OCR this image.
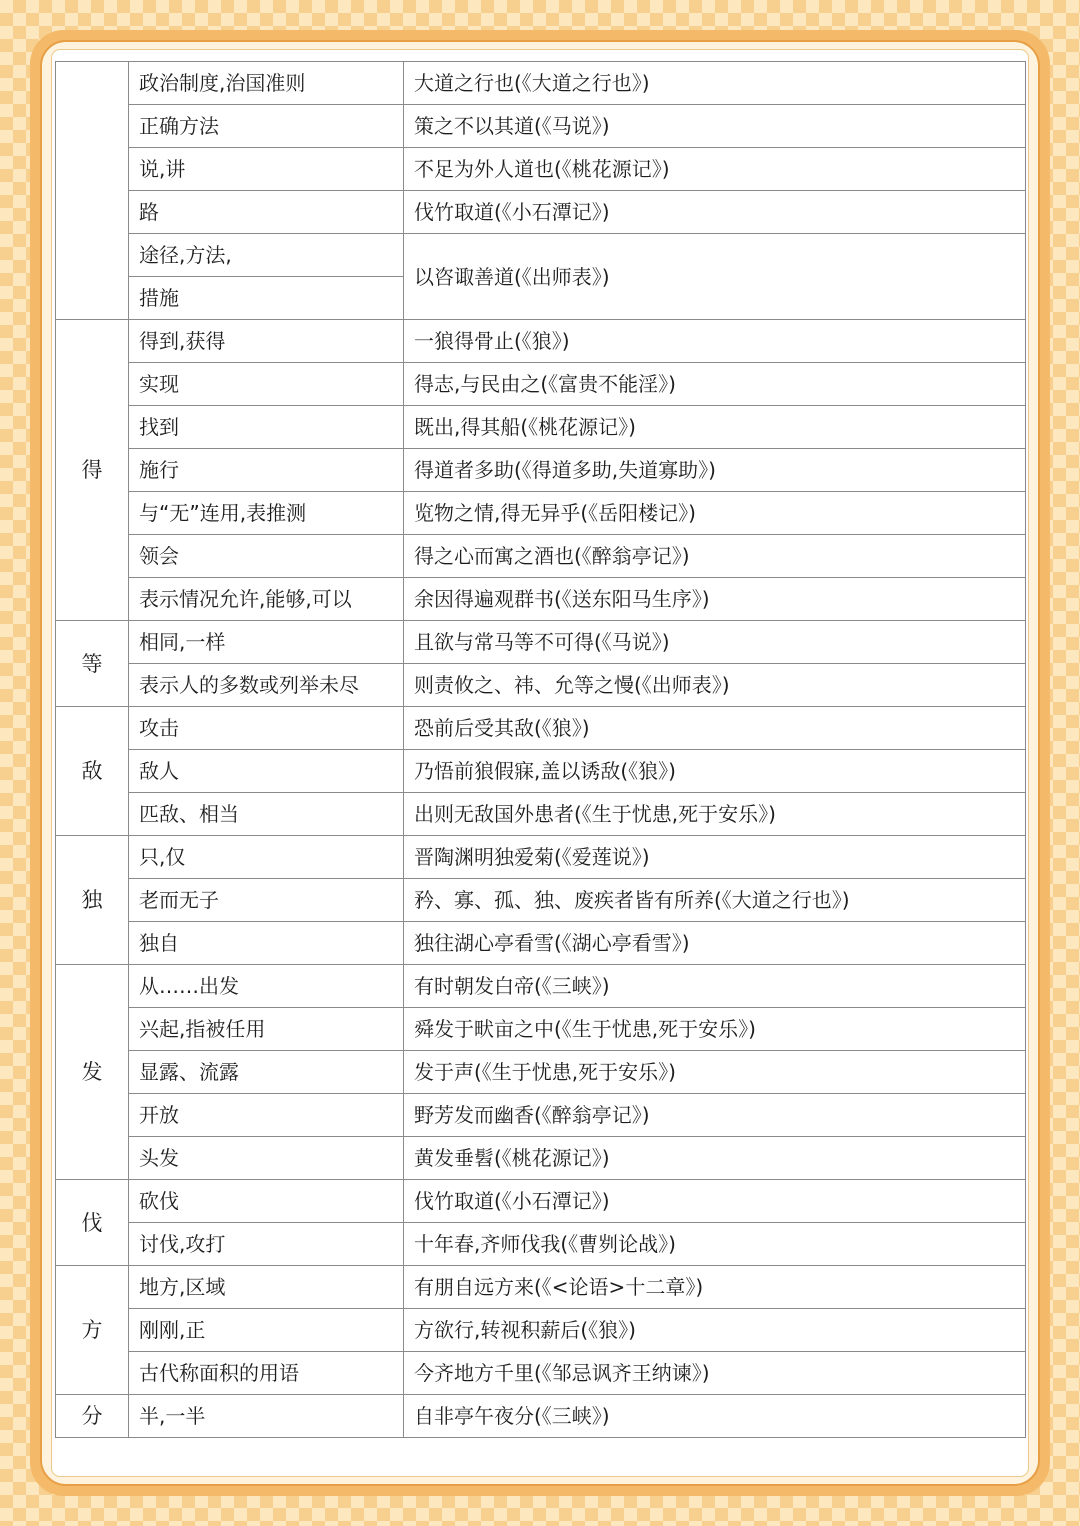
	政治制度,治国准则	大道之行也(《大道之行也》)
	正确方法	策之不以其道(《马说》)
	说,讲	不足为外人道也(《桃花源记》)
	路	伐竹取道(《小石潭记》)
	途径,方法,	以咨诹善道(《出师表》)
	措施	
得	得到,获得	一狼得骨止(《狼》)
	实现	得志,与民由之(《富贵不能淫》)
	找到	既出,得其船(《桃花源记》)
	施行	得道者多助(《得道多助,失道寡助》)
	与“无”连用,表推测	览物之情,得无异乎(《岳阳楼记》)
	领会	得之心而寓之酒也(《醉翁亭记》)
	表示情况允许,能够,可以	余因得遍观群书(《送东阳马生序》)
等	相同,一样	且欲与常马等不可得(《马说》)
	表示人的多数或列举未尽	则责攸之、祎、允等之慢(《出师表》)
敌	攻击	恐前后受其敌(《狼》)
	敌人	乃悟前狼假寐,盖以诱敌(《狼》)
	匹敌、相当	出则无敌国外患者(《生于忧患,死于安乐》)
独	只,仅	晋陶渊明独爱菊(《爱莲说》)
	老而无子	矜、寡、孤、独、废疾者皆有所养(《大道之行也》)
	独自	独往湖心亭看雪(《湖心亭看雪》)
发	从……出发	有时朝发白帝(《三峡》)
	兴起,指被任用	舜发于畎亩之中(《生于忧患,死于安乐》)
	显露、流露	发于声(《生于忧患,死于安乐》)
	开放	野芳发而幽香(《醉翁亭记》)
	头发	黄发垂髫(《桃花源记》)
伐	砍伐	伐竹取道(《小石潭记》)
	讨伐,攻打	十年春,齐师伐我(《曹刿论战》)
方	地方,区域	有朋自远方来(《<论语>十二章》)
	刚刚,正	方欲行,转视积薪后(《狼》)
	古代称面积的用语	今齐地方千里(《邹忌讽齐王纳谏》)
分	半,一半	自非亭午夜分(《三峡》)
